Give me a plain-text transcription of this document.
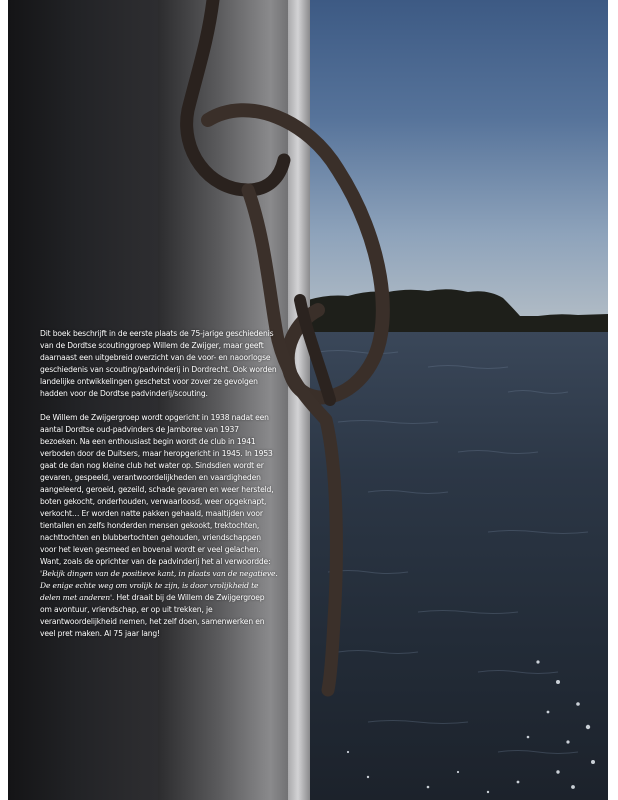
Dit boek beschrijft in de eerste plaats de 75-jarige geschiedenis van de Dordtse scoutinggroep Willem de Zwijger, maar geeft daarnaast een uitgebreid overzicht van de voor- en naoorlogse geschiedenis van scouting/padvinderij in Dordrecht. Ook worden landelijke ontwikkelingen geschetst voor zover ze gevolgen hadden voor de Dordtse padvinderij/scouting.

De Willem de Zwijgergroep wordt opgericht in 1938 nadat een aantal Dordtse oud-padvinders de Jamboree van 1937 bezoeken. Na een enthousiast begin wordt de club in 1941 verboden door de Duitsers, maar heropgericht in 1945. In 1953 gaat de dan nog kleine club het water op. Sindsdien wordt er gevaren, gespeeld, verantwoordelijkheden en vaardigheden aangeleerd, geroeid, gezeild, schade gevaren en weer hersteld, boten gekocht, onderhouden, verwaarloosd, weer opgeknapt, verkocht… Er worden natte pakken gehaald, maaltijden voor tientallen en zelfs honderden mensen gekookt, trektochten, nachttochten en blubbertochten gehouden, vriendschappen voor het leven gesmeed en bovenal wordt er veel gelachen. Want, zoals de oprichter van de padvinderij het al verwoordde: 'Bekijk dingen van de positieve kant, in plaats van de negatieve. De enige echte weg om vrolijk te zijn, is door vrolijkheid te delen met anderen'. Het draait bij de Willem de Zwijgergroep om avontuur, vriendschap, er op uit trekken, je verantwoordelijkheid nemen, het zelf doen, samenwerken en veel pret maken. Al 75 jaar lang!
